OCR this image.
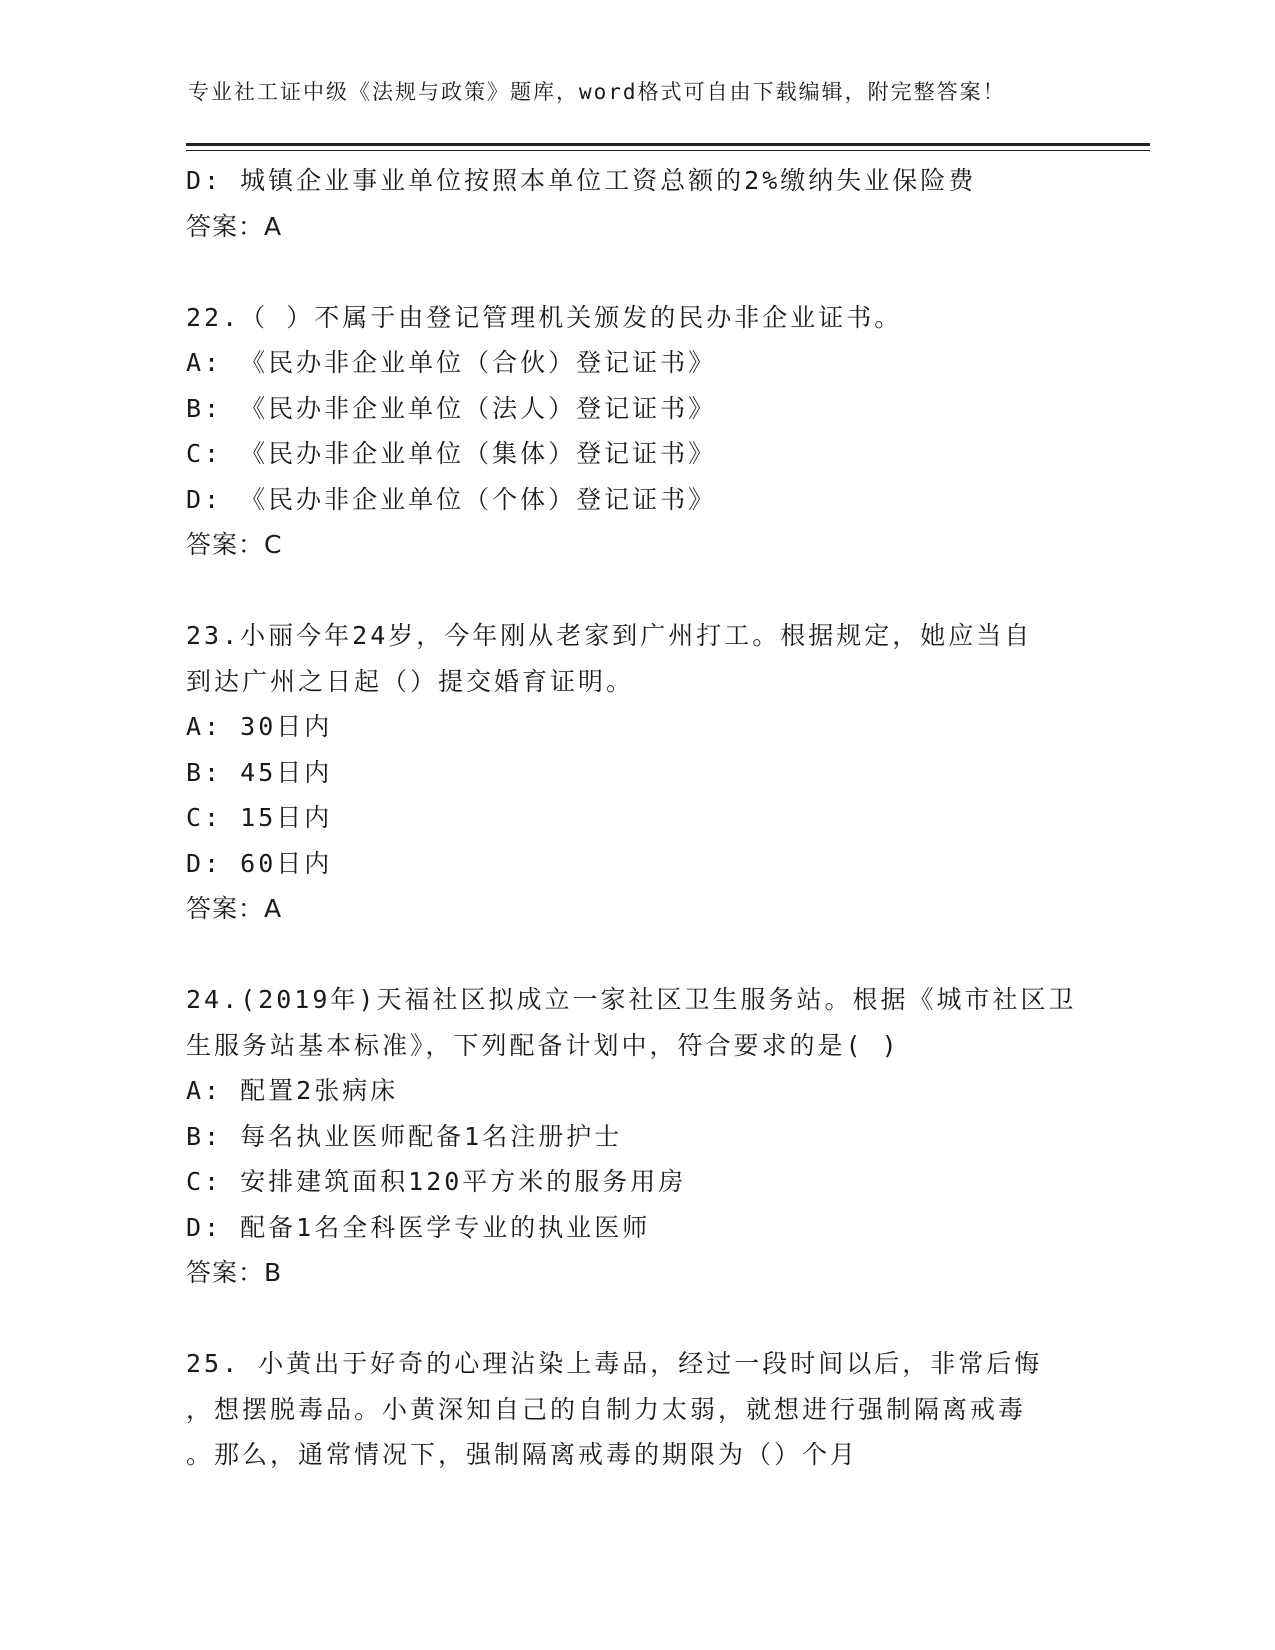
专业社工证中级《法规与政策》题库，word格式可自由下载编辑，附完整答案！
D: 城镇企业事业单位按照本单位工资总额的2%缴纳失业保险费
答案：A
22.（ ）不属于由登记管理机关颁发的民办非企业证书。
A: 《民办非企业单位（合伙）登记证书》
B: 《民办非企业单位（法人）登记证书》
C: 《民办非企业单位（集体）登记证书》
D: 《民办非企业单位（个体）登记证书》
答案：C
23.小丽今年24岁，今年刚从老家到广州打工。根据规定，她应当自
到达广州之日起（）提交婚育证明。
A: 30日内
B: 45日内
C: 15日内
D: 60日内
答案：A
24.(2019年)天福社区拟成立一家社区卫生服务站。根据《城市社区卫
生服务站基本标准》，下列配备计划中，符合要求的是( )
A: 配置2张病床
B: 每名执业医师配备1名注册护士
C: 安排建筑面积120平方米的服务用房
D: 配备1名全科医学专业的执业医师
答案：B
25. 小黄出于好奇的心理沾染上毒品，经过一段时间以后，非常后悔
，想摆脱毒品。小黄深知自己的自制力太弱，就想进行强制隔离戒毒
。那么，通常情况下，强制隔离戒毒的期限为（）个月
